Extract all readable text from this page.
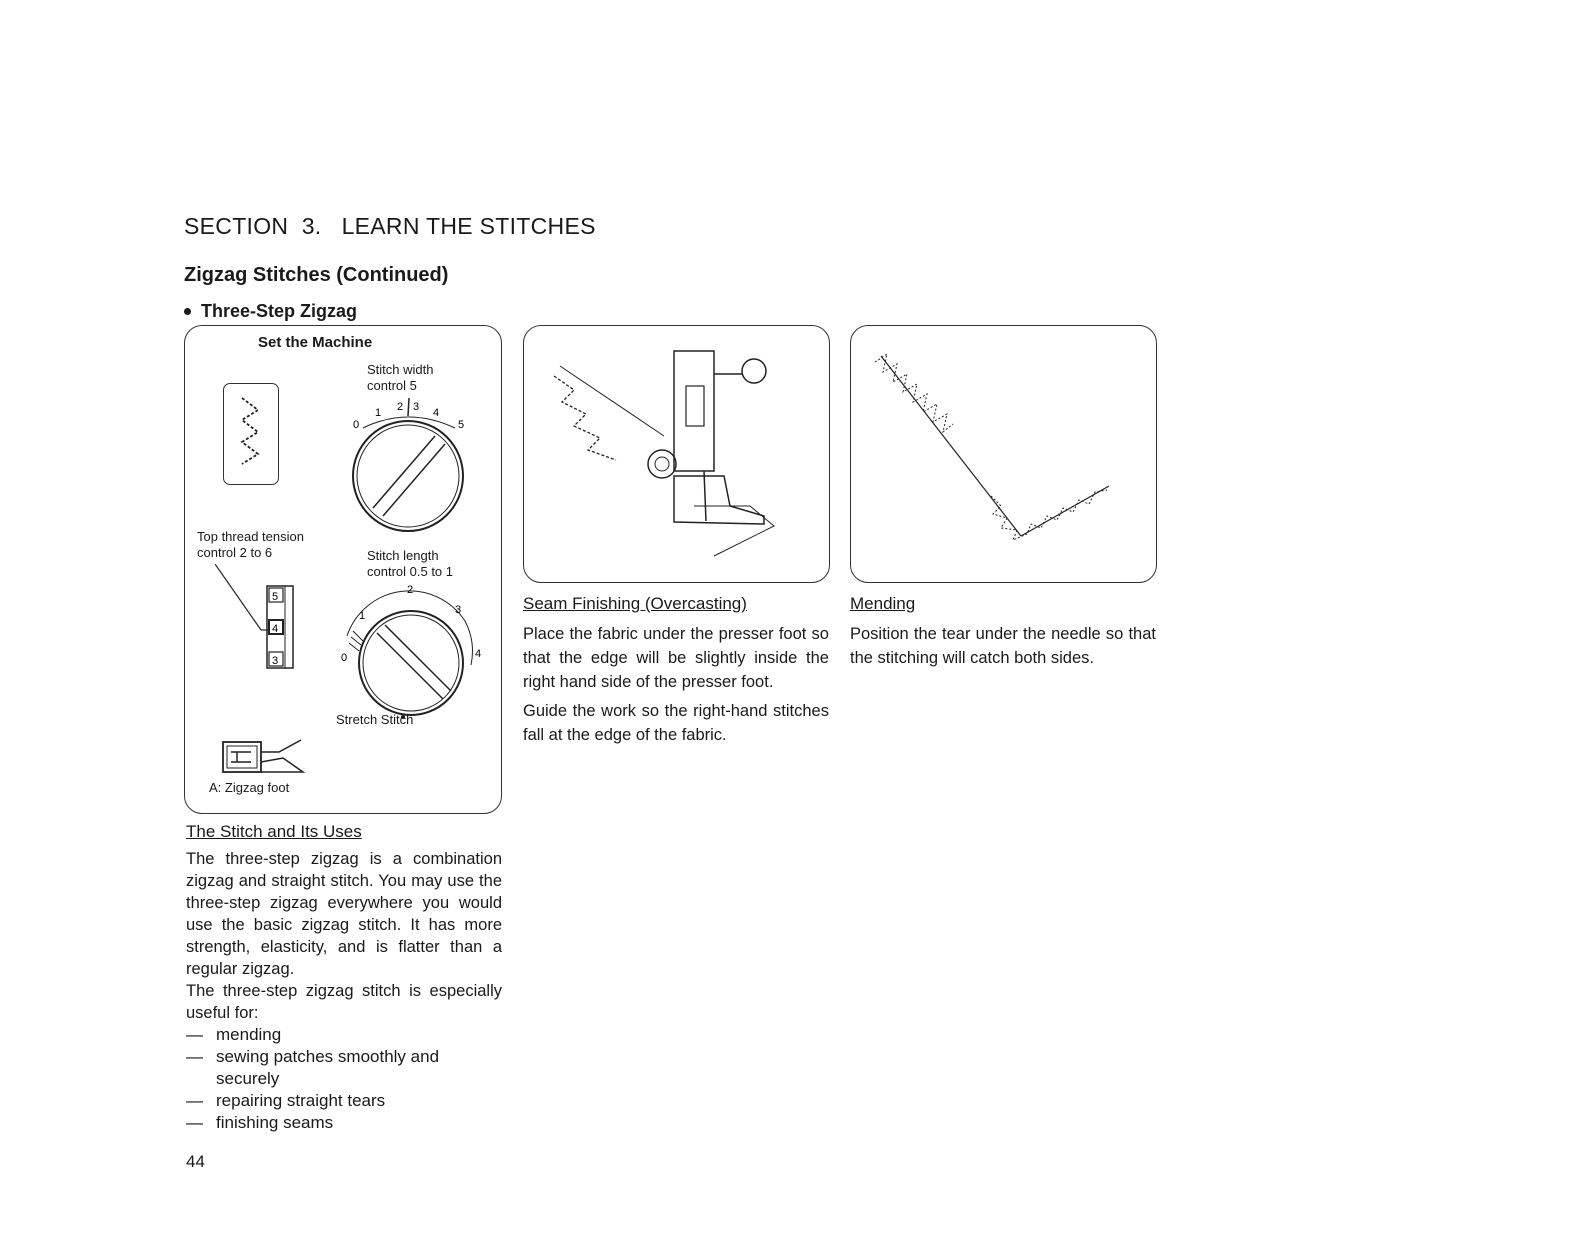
SECTION  3.   LEARN THE STITCHES
Zigzag Stitches (Continued)
Three-Step Zigzag
Set the Machine
Stitch width
control 5
0
1 2 3 4
5
Top thread tension
control 2 to 6
5
4
3
Stitch length
control 0.5 to 1
0
1
2
3
4
Stretch Stitch
A: Zigzag foot
The Stitch and Its Uses
The three-step zigzag is a combination zigzag and straight stitch. You may use the three-step zigzag everywhere you would use the basic zigzag stitch. It has more strength, elasticity, and is flatter than a regular zigzag.
The three-step zigzag stitch is especially useful for:
— mending
— sewing patches smoothly and securely
— repairing straight tears
— finishing seams
Seam Finishing (Overcasting)
Place the fabric under the presser foot so that the edge will be slightly inside the right hand side of the presser foot.
Guide the work so the right-hand stitches fall at the edge of the fabric.
Mending
Position the tear under the needle so that the stitching will catch both sides.
44
